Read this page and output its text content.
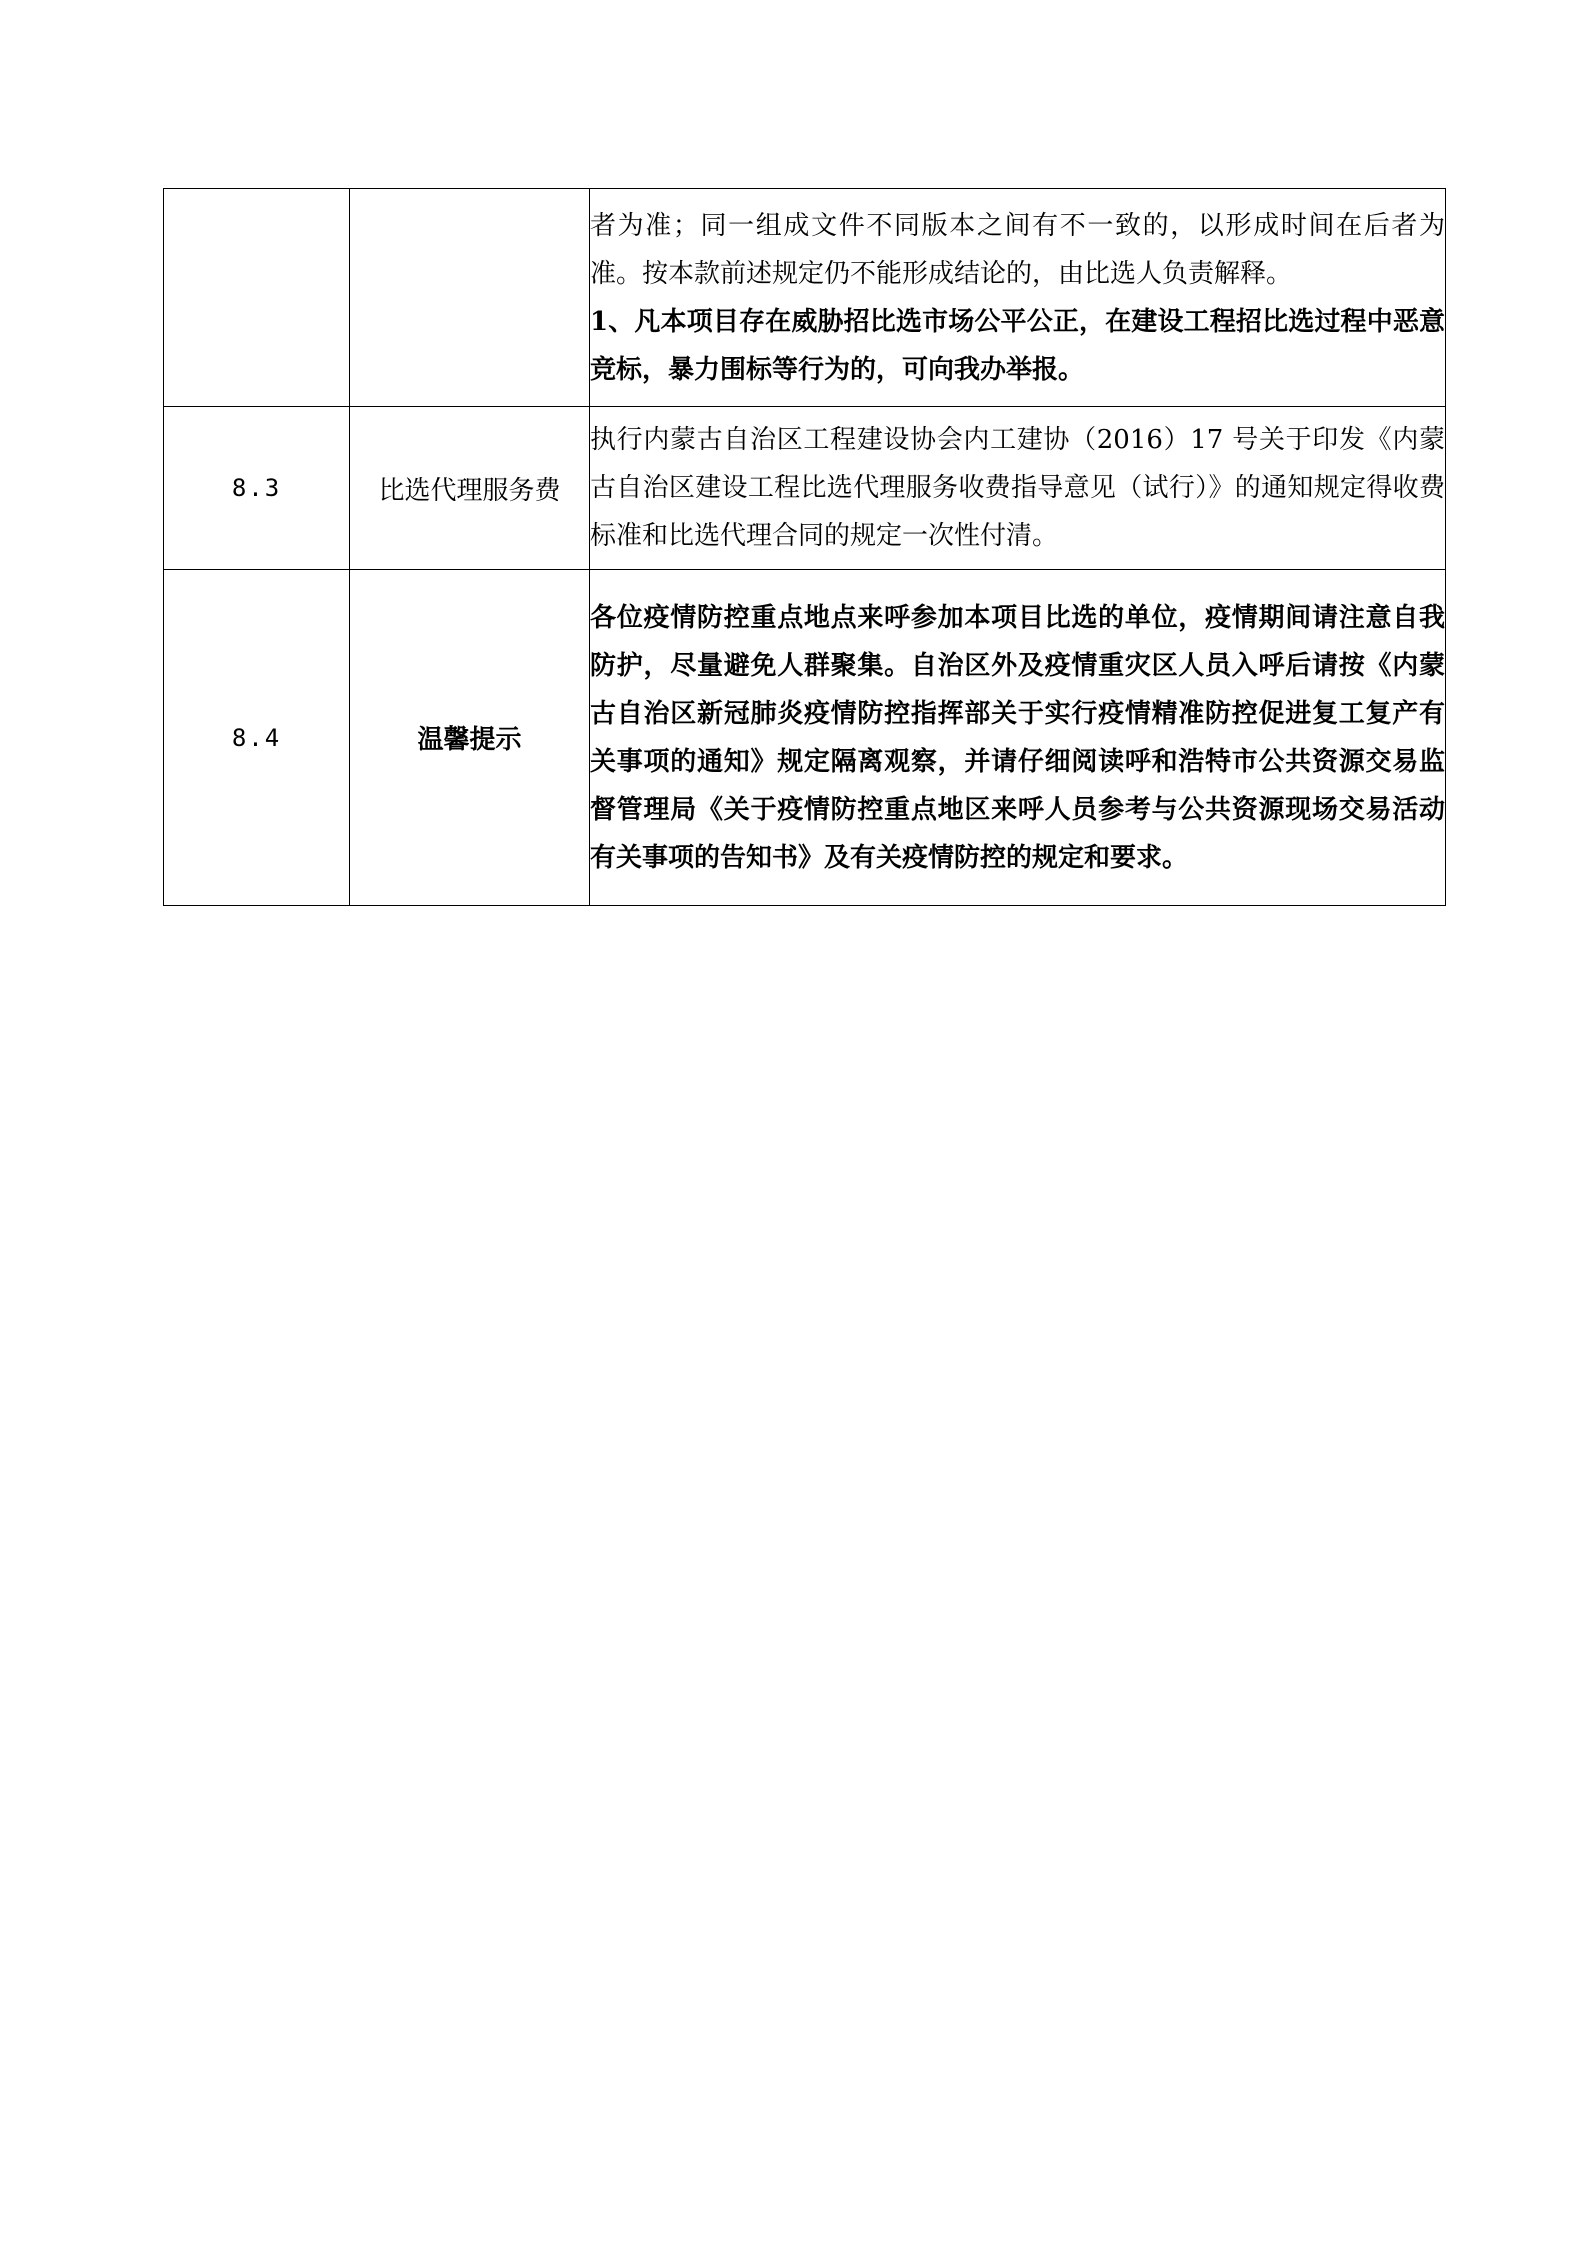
		者为准；同一组成文件不同版本之间有不一致的，以形成时间在后者为准。按本款前述规定仍不能形成结论的，由比选人负责解释。

1、凡本项目存在威胁招比选市场公平公正，在建设工程招比选过程中恶意竞标，暴力围标等行为的，可向我办举报。

8.3	比选代理服务费	执行内蒙古自治区工程建设协会内工建协（2016）17 号关于印发《内蒙古自治区建设工程比选代理服务收费指导意见（试行）》的通知规定得收费标准和比选代理合同的规定一次性付清。

8.4	温馨提示	各位疫情防控重点地点来呼参加本项目比选的单位，疫情期间请注意自我防护，尽量避免人群聚集。自治区外及疫情重灾区人员入呼后请按《内蒙古自治区新冠肺炎疫情防控指挥部关于实行疫情精准防控促进复工复产有关事项的通知》规定隔离观察，并请仔细阅读呼和浩特市公共资源交易监督管理局《关于疫情防控重点地区来呼人员参考与公共资源现场交易活动有关事项的告知书》及有关疫情防控的规定和要求。
